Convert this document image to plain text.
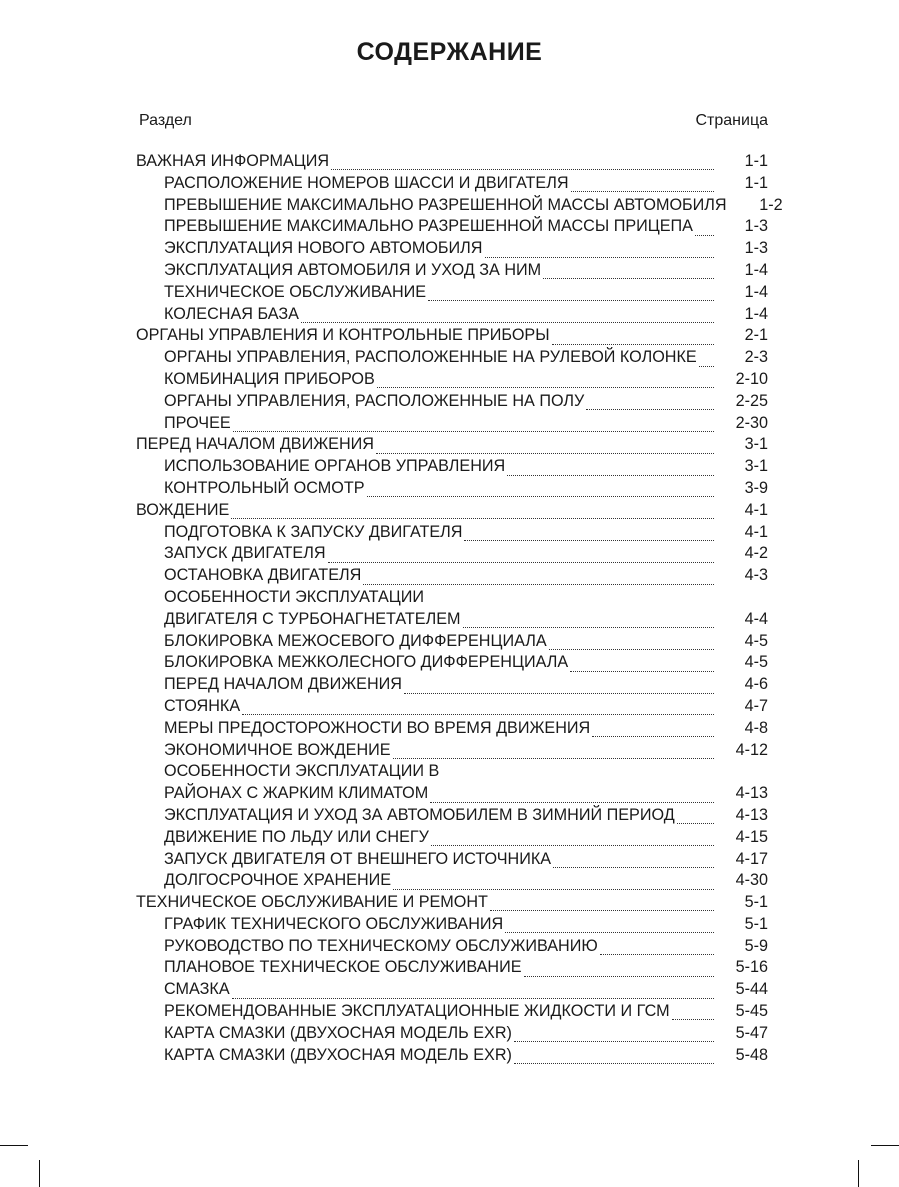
СОДЕРЖАНИЕ
Раздел	Страница
ВАЖНАЯ ИНФОРМАЦИЯ	1-1
РАСПОЛОЖЕНИЕ НОМЕРОВ ШАССИ И ДВИГАТЕЛЯ	1-1
ПРЕВЫШЕНИЕ МАКСИМАЛЬНО РАЗРЕШЕННОЙ МАССЫ АВТОМОБИЛЯ	1-2
ПРЕВЫШЕНИЕ МАКСИМАЛЬНО РАЗРЕШЕННОЙ МАССЫ ПРИЦЕПА	1-3
ЭКСПЛУАТАЦИЯ НОВОГО АВТОМОБИЛЯ	1-3
ЭКСПЛУАТАЦИЯ АВТОМОБИЛЯ И УХОД ЗА НИМ	1-4
ТЕХНИЧЕСКОЕ ОБСЛУЖИВАНИЕ	1-4
КОЛЕСНАЯ БАЗА	1-4
ОРГАНЫ УПРАВЛЕНИЯ И КОНТРОЛЬНЫЕ ПРИБОРЫ	2-1
ОРГАНЫ УПРАВЛЕНИЯ, РАСПОЛОЖЕННЫЕ НА РУЛЕВОЙ КОЛОНКЕ	2-3
КОМБИНАЦИЯ ПРИБОРОВ	2-10
ОРГАНЫ УПРАВЛЕНИЯ, РАСПОЛОЖЕННЫЕ НА ПОЛУ	2-25
ПРОЧЕЕ	2-30
ПЕРЕД НАЧАЛОМ ДВИЖЕНИЯ	3-1
ИСПОЛЬЗОВАНИЕ ОРГАНОВ УПРАВЛЕНИЯ	3-1
КОНТРОЛЬНЫЙ ОСМОТР	3-9
ВОЖДЕНИЕ	4-1
ПОДГОТОВКА К ЗАПУСКУ ДВИГАТЕЛЯ	4-1
ЗАПУСК ДВИГАТЕЛЯ	4-2
ОСТАНОВКА ДВИГАТЕЛЯ	4-3
ОСОБЕННОСТИ ЭКСПЛУАТАЦИИ
ДВИГАТЕЛЯ С ТУРБОНАГНЕТАТЕЛЕМ	4-4
БЛОКИРОВКА МЕЖОСЕВОГО ДИФФЕРЕНЦИАЛА	4-5
БЛОКИРОВКА МЕЖКОЛЕСНОГО ДИФФЕРЕНЦИАЛА	4-5
ПЕРЕД НАЧАЛОМ ДВИЖЕНИЯ	4-6
СТОЯНКА	4-7
МЕРЫ ПРЕДОСТОРОЖНОСТИ ВО ВРЕМЯ ДВИЖЕНИЯ	4-8
ЭКОНОМИЧНОЕ ВОЖДЕНИЕ	4-12
ОСОБЕННОСТИ ЭКСПЛУАТАЦИИ В
РАЙОНАХ С ЖАРКИМ КЛИМАТОМ	4-13
ЭКСПЛУАТАЦИЯ И УХОД ЗА АВТОМОБИЛЕМ В ЗИМНИЙ ПЕРИОД	4-13
ДВИЖЕНИЕ ПО ЛЬДУ ИЛИ СНЕГУ	4-15
ЗАПУСК ДВИГАТЕЛЯ ОТ ВНЕШНЕГО ИСТОЧНИКА	4-17
ДОЛГОСРОЧНОЕ ХРАНЕНИЕ	4-30
ТЕХНИЧЕСКОЕ ОБСЛУЖИВАНИЕ И РЕМОНТ	5-1
ГРАФИК ТЕХНИЧЕСКОГО ОБСЛУЖИВАНИЯ	5-1
РУКОВОДСТВО ПО ТЕХНИЧЕСКОМУ ОБСЛУЖИВАНИЮ	5-9
ПЛАНОВОЕ ТЕХНИЧЕСКОЕ ОБСЛУЖИВАНИЕ	5-16
СМАЗКА	5-44
РЕКОМЕНДОВАННЫЕ ЭКСПЛУАТАЦИОННЫЕ ЖИДКОСТИ И ГСМ	5-45
КАРТА СМАЗКИ (ДВУХОСНАЯ МОДЕЛЬ EXR)	5-47
КАРТА СМАЗКИ (ДВУХОСНАЯ МОДЕЛЬ EXR)	5-48
